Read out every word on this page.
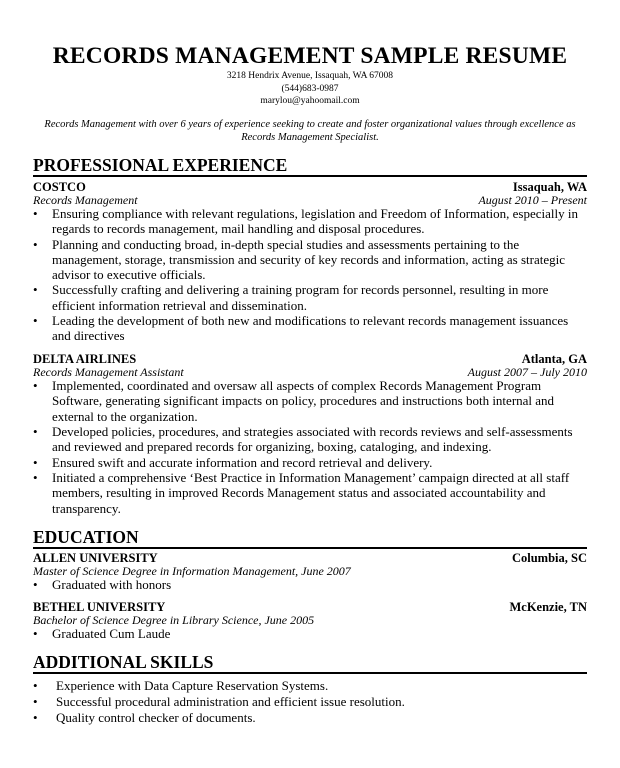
RECORDS MANAGEMENT SAMPLE RESUME
3218 Hendrix Avenue, Issaquah, WA 67008
(544)683-0987
marylou@yahoomail.com
Records Management with over 6 years of experience seeking to create and foster organizational values through excellence as Records Management Specialist.
PROFESSIONAL EXPERIENCE
COSTCO	Issaquah, WA
Records Management	August 2010 – Present
• Ensuring compliance with relevant regulations, legislation and Freedom of Information, especially in regards to records management, mail handling and disposal procedures.
• Planning and conducting broad, in-depth special studies and assessments pertaining to the management, storage, transmission and security of key records and information, acting as strategic advisor to executive officials.
• Successfully crafting and delivering a training program for records personnel, resulting in more efficient information retrieval and dissemination.
• Leading the development of both new and modifications to relevant records management issuances and directives
DELTA AIRLINES	Atlanta, GA
Records Management Assistant	August 2007 – July 2010
• Implemented, coordinated and oversaw all aspects of complex Records Management Program Software, generating significant impacts on policy, procedures and instructions both internal and external to the organization.
• Developed policies, procedures, and strategies associated with records reviews and self-assessments and reviewed and prepared records for organizing, boxing, cataloging, and indexing.
• Ensured swift and accurate information and record retrieval and delivery.
• Initiated a comprehensive ‘Best Practice in Information Management’ campaign directed at all staff members, resulting in improved Records Management status and associated accountability and transparency.
EDUCATION
ALLEN UNIVERSITY	Columbia, SC
Master of Science Degree in Information Management, June 2007
• Graduated with honors
BETHEL UNIVERSITY	McKenzie, TN
Bachelor of Science Degree in Library Science, June 2005
• Graduated Cum Laude
ADDITIONAL SKILLS
• Experience with Data Capture Reservation Systems.
• Successful procedural administration and efficient issue resolution.
• Quality control checker of documents.
